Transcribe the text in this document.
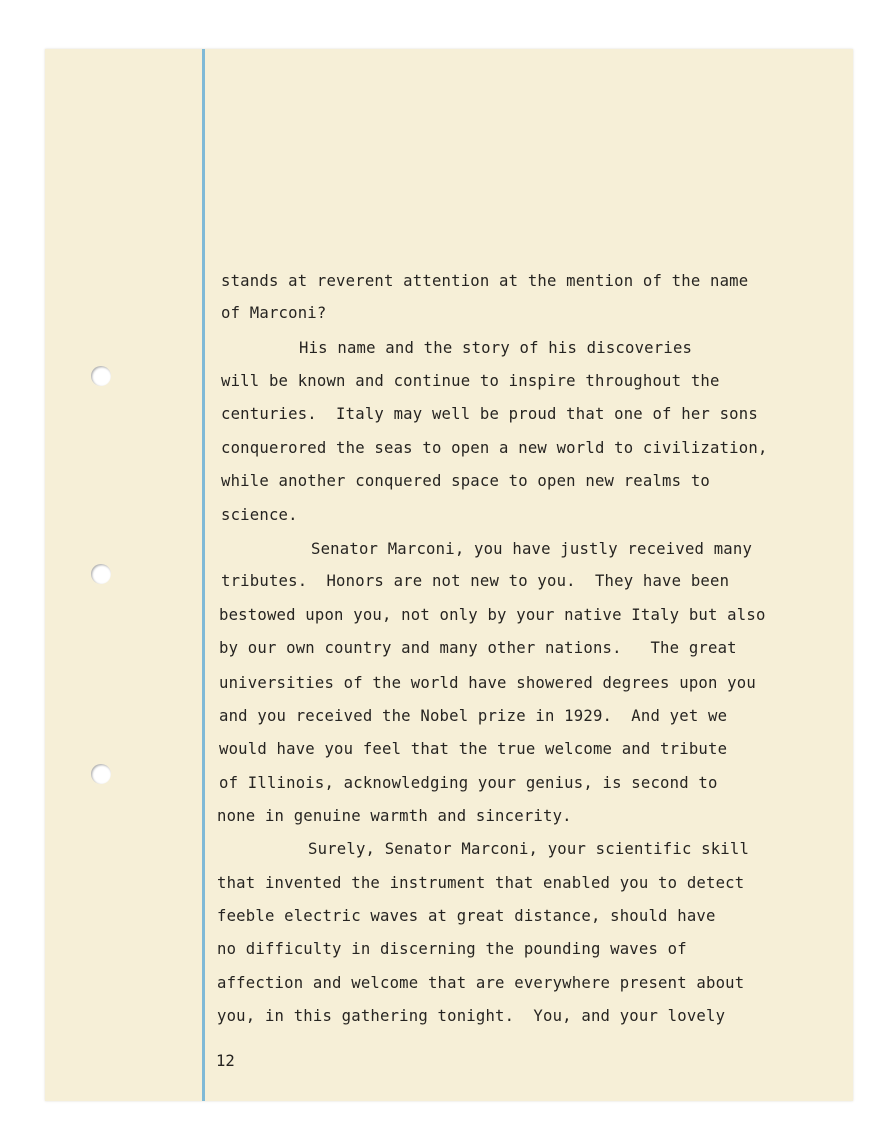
stands at reverent attention at the mention of the name
of Marconi?
His name and the story of his discoveries
will be known and continue to inspire throughout the
centuries.  Italy may well be proud that one of her sons
conquerored the seas to open a new world to civilization,
while another conquered space to open new realms to
science.
Senator Marconi, you have justly received many
tributes.  Honors are not new to you.  They have been
bestowed upon you, not only by your native Italy but also
by our own country and many other nations.   The great
universities of the world have showered degrees upon you
and you received the Nobel prize in 1929.  And yet we
would have you feel that the true welcome and tribute
of Illinois, acknowledging your genius, is second to
none in genuine warmth and sincerity.
Surely, Senator Marconi, your scientific skill
that invented the instrument that enabled you to detect
feeble electric waves at great distance, should have
no difficulty in discerning the pounding waves of
affection and welcome that are everywhere present about
you, in this gathering tonight.  You, and your lovely
12
